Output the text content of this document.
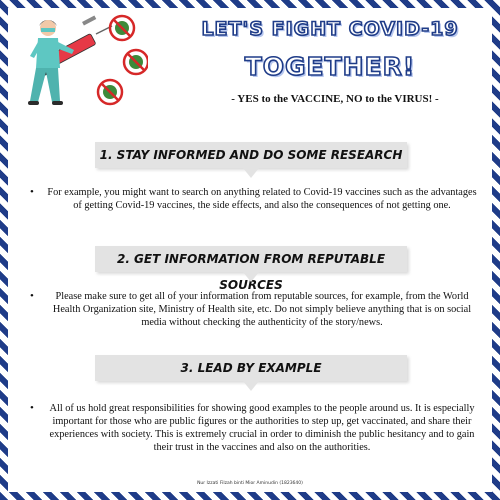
LET'S FIGHT COVID-19
TOGETHER!
- YES to the VACCINE, NO to the VIRUS! -
1. STAY INFORMED AND DO SOME RESEARCH
•	For example, you might want to search on anything related to Covid-19 vaccines such as the advantages of getting Covid-19 vaccines, the side effects, and also the consequences of not getting one.
2. GET INFORMATION FROM REPUTABLE SOURCES
•	Please make sure to get all of your information from reputable sources, for example, from the World Health Organization site, Ministry of Health site, etc. Do not simply believe anything that is on social media without checking the authenticity of the story/news.
3. LEAD BY EXAMPLE
•	All of us hold great responsibilities for showing good examples to the people around us. It is especially important for those who are public figures or the authorities to step up, get vaccinated, and share their experiences with society. This is extremely crucial in order to diminish the public hesitancy and to gain their trust in the vaccines and also on the authorities.
Nur Izzati Filzah binti Mior Aminudin (1823640)
